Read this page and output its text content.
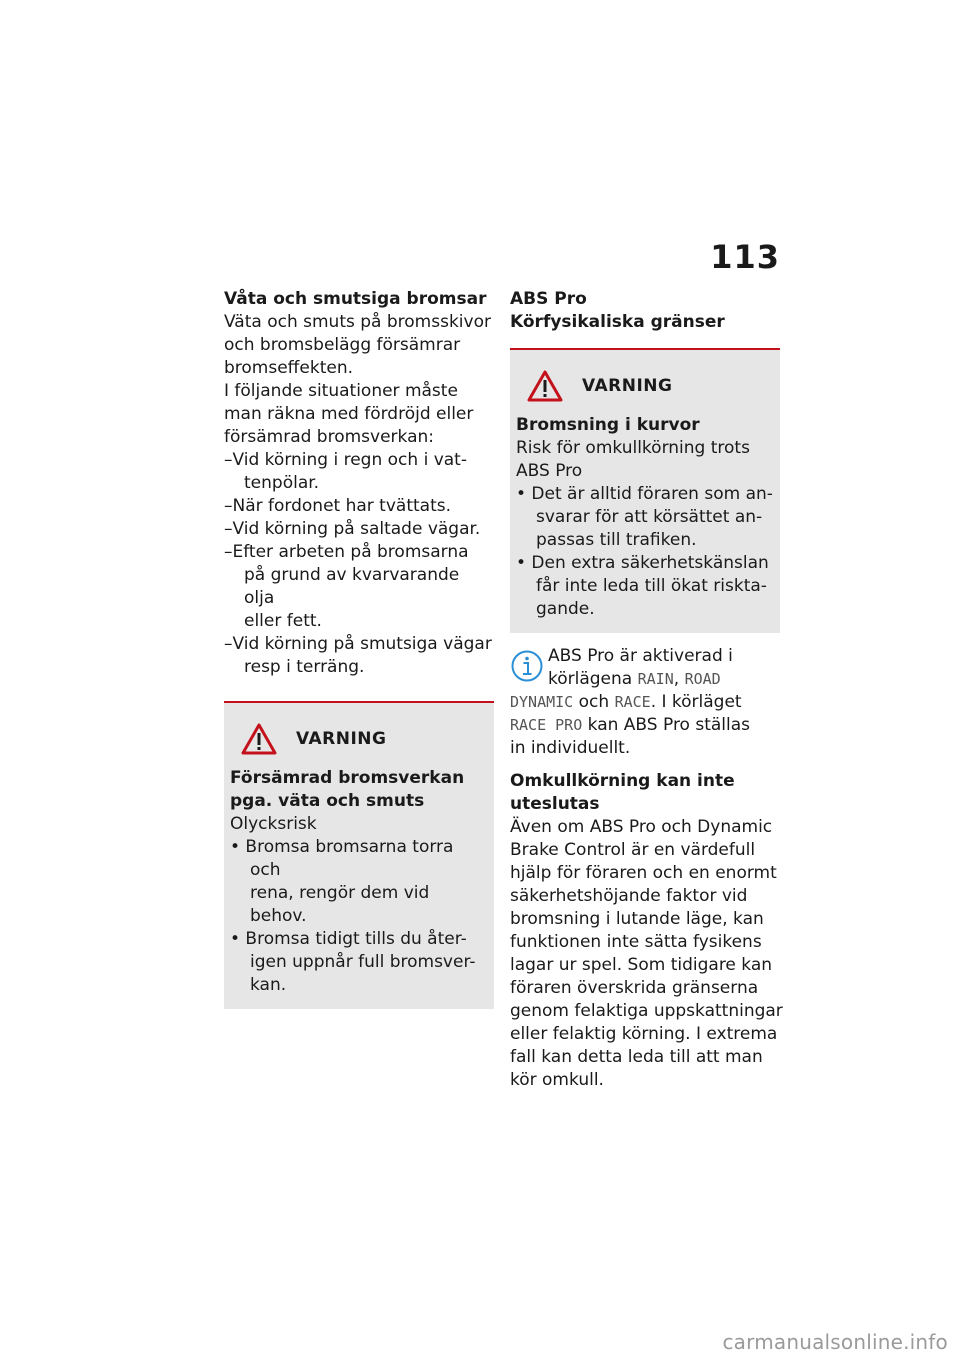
113
Våta och smutsiga bromsar
Väta och smuts på bromsskivor
och bromsbelägg försämrar
bromseffekten.
I följande situationer måste
man räkna med fördröjd eller
försämrad bromsverkan:
–Vid körning i regn och i vat-
tenpölar.
–När fordonet har tvättats.
–Vid körning på saltade vägar.
–Efter arbeten på bromsarna
på grund av kvarvarande olja
eller fett.
–Vid körning på smutsiga vägar
resp i terräng.
VARNING
Försämrad bromsverkan
pga. väta och smuts
Olycksrisk
• Bromsa bromsarna torra och
rena, rengör dem vid behov.
• Bromsa tidigt tills du åter-
igen uppnår full bromsver-
kan.
ABS Pro
Körfysikaliska gränser
VARNING
Bromsning i kurvor
Risk för omkullkörning trots
ABS Pro
• Det är alltid föraren som an-
svarar för att körsättet an-
passas till trafiken.
• Den extra säkerhetskänslan
får inte leda till ökat riskta-
gande.
ABS Pro är aktiverad i
körlägena RAIN, ROAD
DYNAMIC och RACE. I körläget
RACE PRO kan ABS Pro ställas
in individuellt.
Omkullkörning kan inte
uteslutas
Även om ABS Pro och Dynamic
Brake Control är en värdefull
hjälp för föraren och en enormt
säkerhetshöjande faktor vid
bromsning i lutande läge, kan
funktionen inte sätta fysikens
lagar ur spel. Som tidigare kan
föraren överskrida gränserna
genom felaktiga uppskattningar
eller felaktig körning. I extrema
fall kan detta leda till att man
kör omkull.
carmanualsonline.info
